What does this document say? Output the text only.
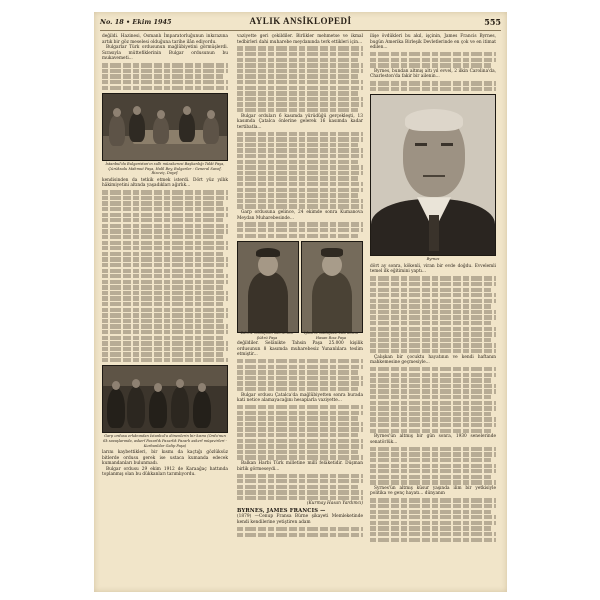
No. 18 • Ekim 1945	AYLIK ANSİKLOPEDİ	555

değildi. Hazinesi, Osmanlı İmparatorluğunun inkırazına artık bir göz meselesi olduğuna tarihe ilân ediyordu.

Bulgarlar Türk ordusunun mağlûbiyetini görmüşlerdi. Sırasıyla müttefiklerinin Bulgar ordusunun bu mukavemeti...

İstanbul'da Bulgaristan'ın sulh müzakeresi Başkanlığı Talât Paşa, Çürüksulu Mahmut Paşa, Halil Bey, Bulgarlar : General Savof, Rizoviç, Dayef.

kendisinden da tetkik etmek isterdi. Dört yüz yıllık hâkimiyetini altında yaşadıkları ağırlık...

Garp ordusu erkânından İstanbul'a dönenlerin bir kısmı (Ordu'nun ilk savaşlarında, askerî Pazarlık Pazarlık Pazarlı askerî müşavirleri - Kurbanlılar Galip Paşa)

larını kaybettikleri, bir kısmı da kaçtığı gözlüksüz bitlerde ordusu gerek ise ustaca kumanda edecek kumandanları bulunmadı.

Bulgar ordusu 29 ekim 1912 de Karaağaç hattında toplanmış olan bu dükkanları tarımlıyordu.

vaziyette geri çekildiler. Birlikler mehmetse ve ikmal tedbirleri dahi muharebe meydanında terk ettikleri için...

Bulgar orduları 6 kasımda yürüdüğü gerçekleşti, 13 kasımda Çatalca önlerine gelerek 16 kasımda kadar tertibatla...

Garp ordusuna gelince, 24 ekimde sonra Kumanova Meydan Muharebesinde...

Edirne müdafaası kahramanı Şükrü Paşa

İşkodra müdafaası kahramanı Hasan Rıza Paşa

değildiler. Selânikte Tahsin Paşa 25.000 kişilik ordusunun 8 kasımda muharebesiz Yunanlılara teslim etmiştir...

Bulgar ordusu Çatalca'da mağlûbiyetten sonra burada kati netice alamayacağını hesaplarla vaziyette...

Balkan Harbi Türk milletine millî felâketidir. Düşman birlik görmeseydi...

(Kurmay Hasan Yardımcı)

BYRNES, JAMES FRANCIS —

(1879) —Cenup Fransa Bürne şikayeti Memleketinde kendi kendilerine yetiştiren adam

ilişe övdükleri bu akıl, işçinin, James Francis Byrnes, bugün Amerika Birleşik Devletlerinde en çok ve en itimat edilen...

Byrnes, bundan altmış altı yıl evvel, 2 ilkin Carolina'da, Charleston'da fakir bir ailenin...

Byrnes

dört ay sonra, kökenli, viran bir evde doğdu. Evvelemli temel ilk eğitimini yaptı...

Çalışkan bir çocuktu hayatının ve kendi haftanın mahkemesine geçmesiyle...

Byrnes'ün altmış bir gün sonra, 1930 senelerinde senatörlük...

Syrnes'ün altmış küsur yaşında ilim bir yetkisiyle politika ve genç hayatı... dünyanın
